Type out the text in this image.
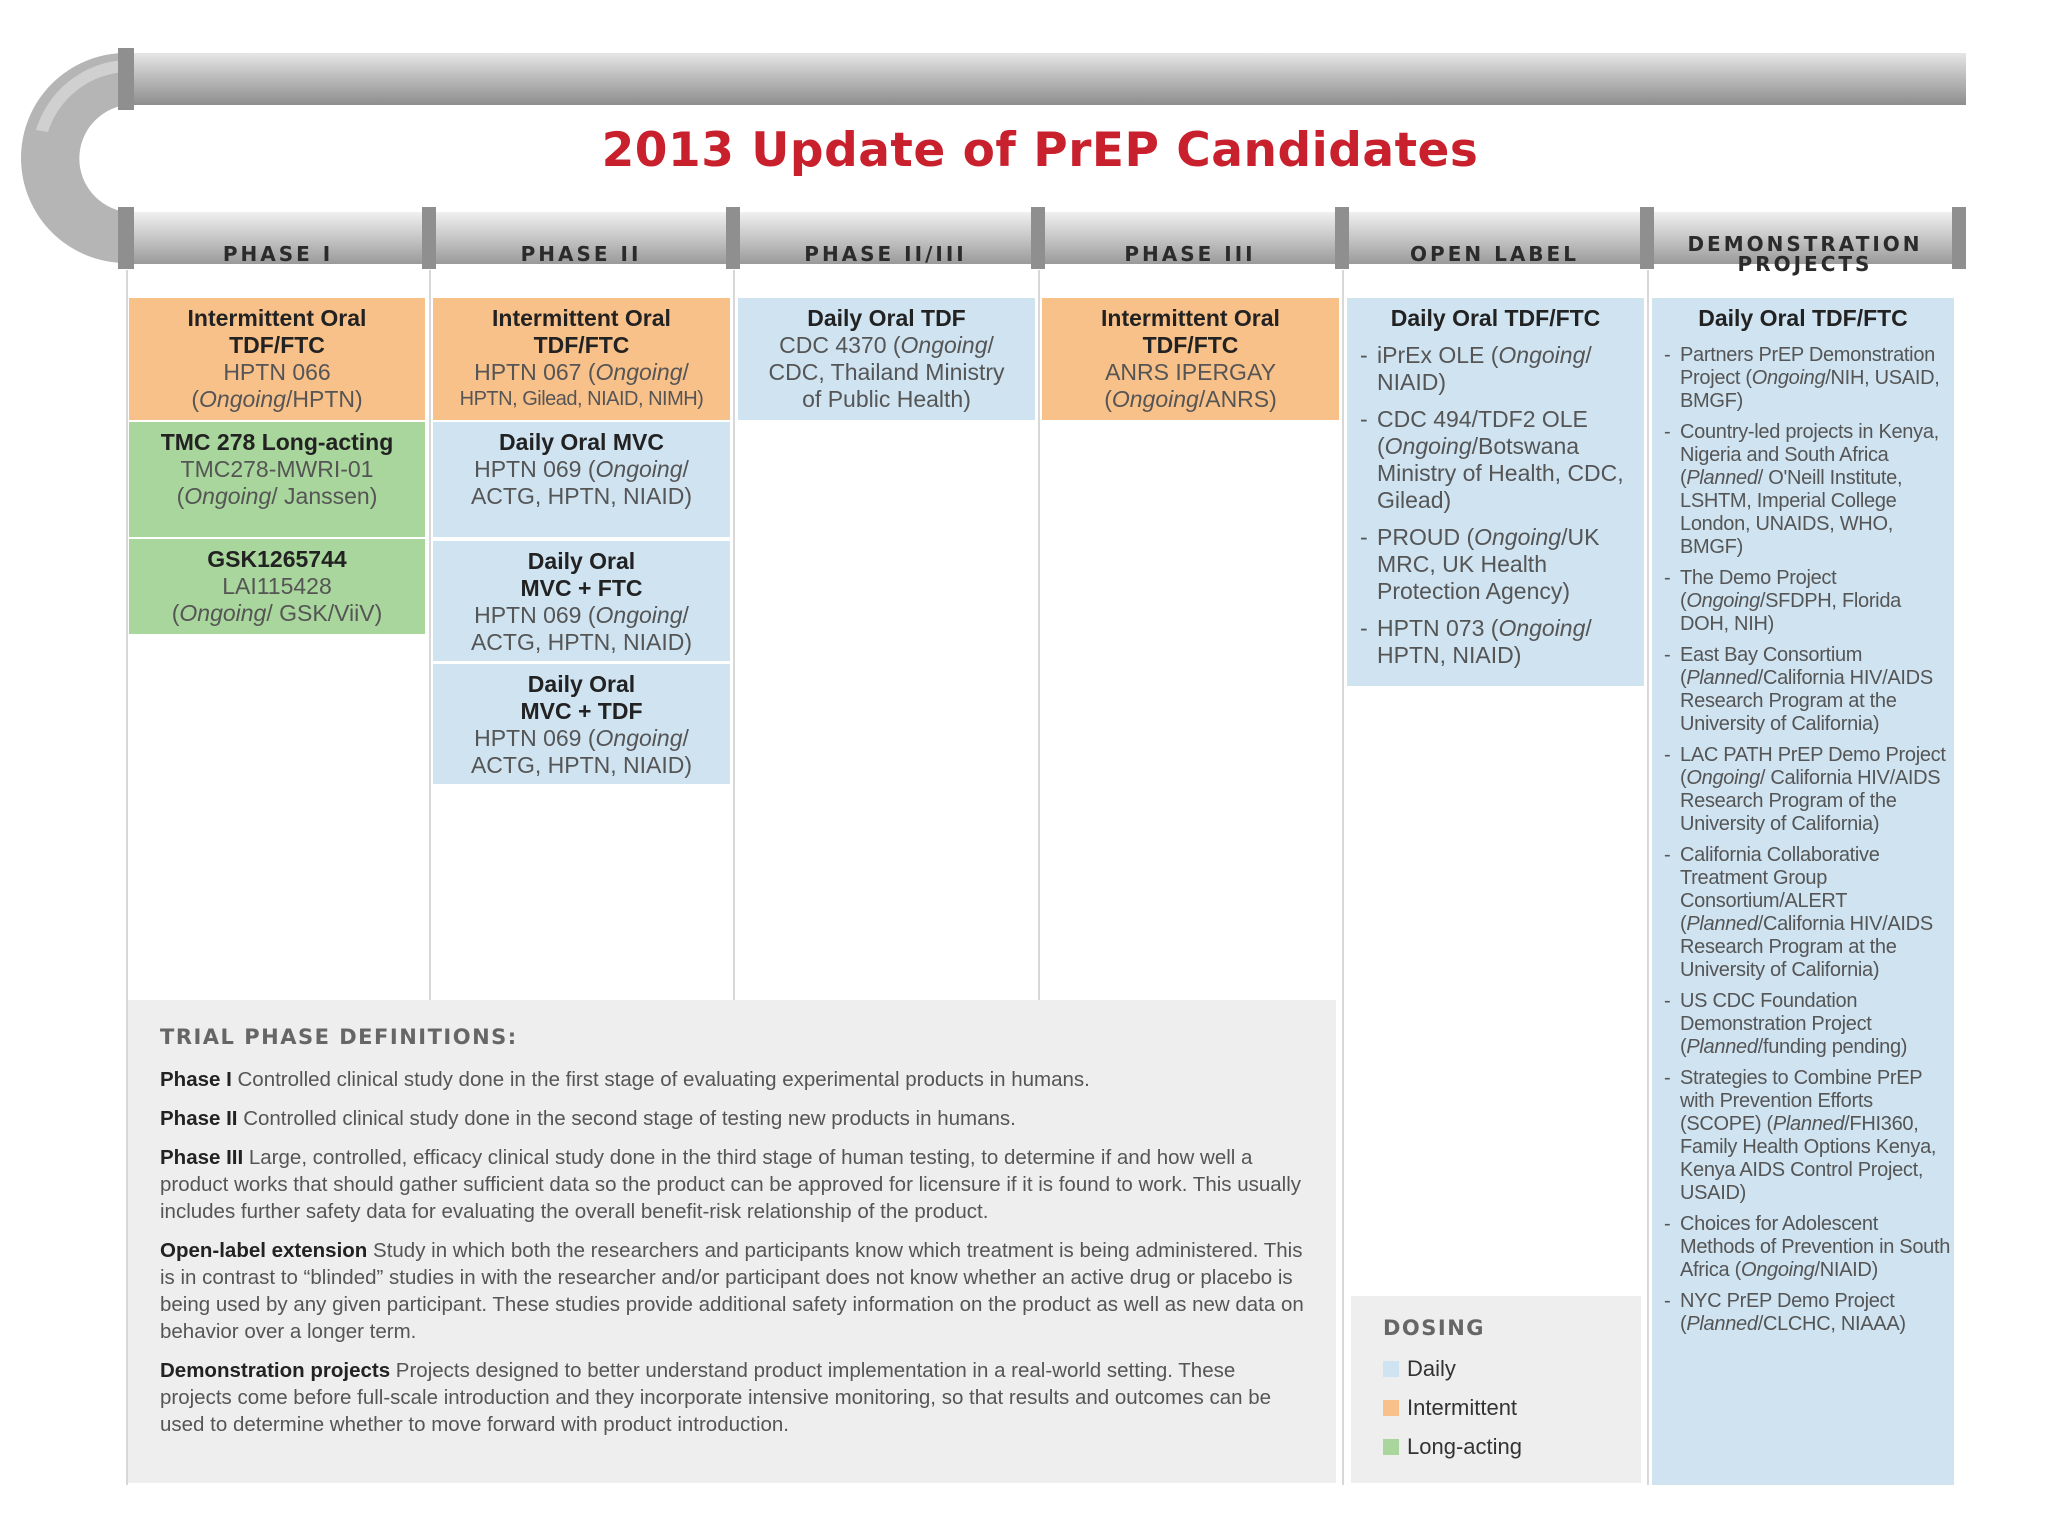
2013 Update of PrEP Candidates
PHASE I	PHASE II	PHASE II/III	PHASE III	OPEN LABEL	DEMONSTRATION PROJECTS
Intermittent Oral TDF/FTC
HPTN 066
(Ongoing/HPTN)
TMC 278 Long-acting
TMC278-MWRI-01
(Ongoing/ Janssen)
GSK1265744
LAI115428
(Ongoing/ GSK/ViiV)
Intermittent Oral TDF/FTC
HPTN 067 (Ongoing/
HPTN, Gilead, NIAID, NIMH)
Daily Oral MVC
HPTN 069 (Ongoing/
ACTG, HPTN, NIAID)
Daily Oral MVC + FTC
HPTN 069 (Ongoing/
ACTG, HPTN, NIAID)
Daily Oral MVC + TDF
HPTN 069 (Ongoing/
ACTG, HPTN, NIAID)
Daily Oral TDF
CDC 4370 (Ongoing/
CDC, Thailand Ministry of Public Health)
Intermittent Oral TDF/FTC
ANRS IPERGAY
(Ongoing/ANRS)
Daily Oral TDF/FTC
- iPrEx OLE (Ongoing/ NIAID)
- CDC 494/TDF2 OLE (Ongoing/Botswana Ministry of Health, CDC, Gilead)
- PROUD (Ongoing/UK MRC, UK Health Protection Agency)
- HPTN 073 (Ongoing/ HPTN, NIAID)
Daily Oral TDF/FTC
- Partners PrEP Demonstration Project (Ongoing/NIH, USAID, BMGF)
- Country-led projects in Kenya, Nigeria and South Africa (Planned/ O'Neill Institute, LSHTM, Imperial College London, UNAIDS, WHO, BMGF)
- The Demo Project (Ongoing/SFDPH, Florida DOH, NIH)
- East Bay Consortium (Planned/California HIV/AIDS Research Program at the University of California)
- LAC PATH PrEP Demo Project (Ongoing/ California HIV/AIDS Research Program of the University of California)
- California Collaborative Treatment Group Consortium/ALERT (Planned/California HIV/AIDS Research Program at the University of California)
- US CDC Foundation Demonstration Project (Planned/funding pending)
- Strategies to Combine PrEP with Prevention Efforts (SCOPE) (Planned/FHI360, Family Health Options Kenya, Kenya AIDS Control Project, USAID)
- Choices for Adolescent Methods of Prevention in South Africa (Ongoing/NIAID)
- NYC PrEP Demo Project (Planned/CLCHC, NIAAA)
TRIAL PHASE DEFINITIONS:

Phase I Controlled clinical study done in the first stage of evaluating experimental products in humans.

Phase II Controlled clinical study done in the second stage of testing new products in humans.

Phase III Large, controlled, efficacy clinical study done in the third stage of human testing, to determine if and how well a product works that should gather sufficient data so the product can be approved for licensure if it is found to work. This usually includes further safety data for evaluating the overall benefit-risk relationship of the product.

Open-label extension Study in which both the researchers and participants know which treatment is being administered. This is in contrast to “blinded” studies in with the researcher and/or participant does not know whether an active drug or placebo is being used by any given participant. These studies provide additional safety information on the product as well as new data on behavior over a longer term.

Demonstration projects Projects designed to better understand product implementation in a real-world setting. These projects come before full-scale introduction and they incorporate intensive monitoring, so that results and outcomes can be used to determine whether to move forward with product introduction.

DOSING
Daily
Intermittent
Long-acting
